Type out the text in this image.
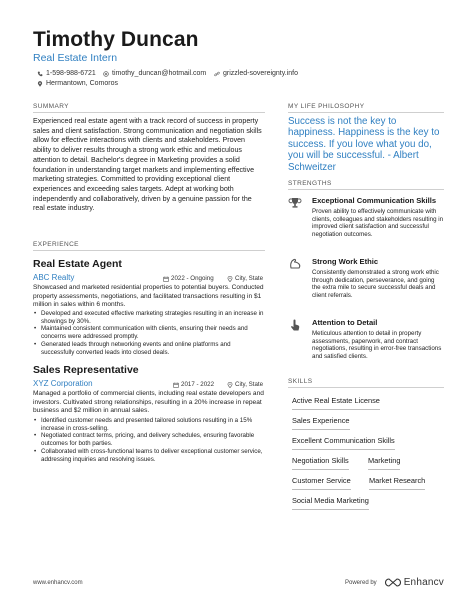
Timothy Duncan
Real Estate Intern
1-598-988-6721 timothy_duncan@hotmail.com grizzled-sovereignty.info
Hermantown, Comoros
SUMMARY
Experienced real estate agent with a track record of success in property sales and client satisfaction. Strong communication and negotiation skills allow for effective interactions with clients and stakeholders. Proven ability to deliver results through a strong work ethic and meticulous attention to detail. Bachelor's degree in Marketing provides a solid foundation in understanding target markets and implementing effective marketing strategies. Committed to providing exceptional client experiences and exceeding sales targets. Adept at working both independently and collaboratively, driven by a genuine passion for the real estate industry.
EXPERIENCE
Real Estate Agent
ABC Realty	2022 - Ongoing	City, State
Showcased and marketed residential properties to potential buyers. Conducted property assessments, negotiations, and facilitated transactions resulting in $1 million in sales within 6 months.
• Developed and executed effective marketing strategies resulting in an increase in showings by 30%.
• Maintained consistent communication with clients, ensuring their needs and concerns were addressed promptly.
• Generated leads through networking events and online platforms and successfully converted leads into closed deals.
Sales Representative
XYZ Corporation	2017 - 2022	City, State
Managed a portfolio of commercial clients, including real estate developers and investors. Cultivated strong relationships, resulting in a 20% increase in repeat business and $2 million in annual sales.
• Identified customer needs and presented tailored solutions resulting in a 15% increase in cross-selling.
• Negotiated contract terms, pricing, and delivery schedules, ensuring favorable outcomes for both parties.
• Collaborated with cross-functional teams to deliver exceptional customer service, addressing inquiries and resolving issues.
MY LIFE PHILOSOPHY
Success is not the key to happiness. Happiness is the key to success. If you love what you do, you will be successful. - Albert Schweitzer
STRENGTHS
Exceptional Communication Skills
Proven ability to effectively communicate with clients, colleagues and stakeholders resulting in improved client satisfaction and successful negotiation outcomes.
Strong Work Ethic
Consistently demonstrated a strong work ethic through dedication, perseverance, and going the extra mile to secure successful deals and client referrals.
Attention to Detail
Meticulous attention to detail in property assessments, paperwork, and contract negotiations, resulting in error-free transactions and satisfied clients.
SKILLS
Active Real Estate License
Sales Experience
Excellent Communication Skills
Negotiation Skills	Marketing
Customer Service Market Research
Social Media Marketing
www.enhancv.com	Powered by	Enhancv
